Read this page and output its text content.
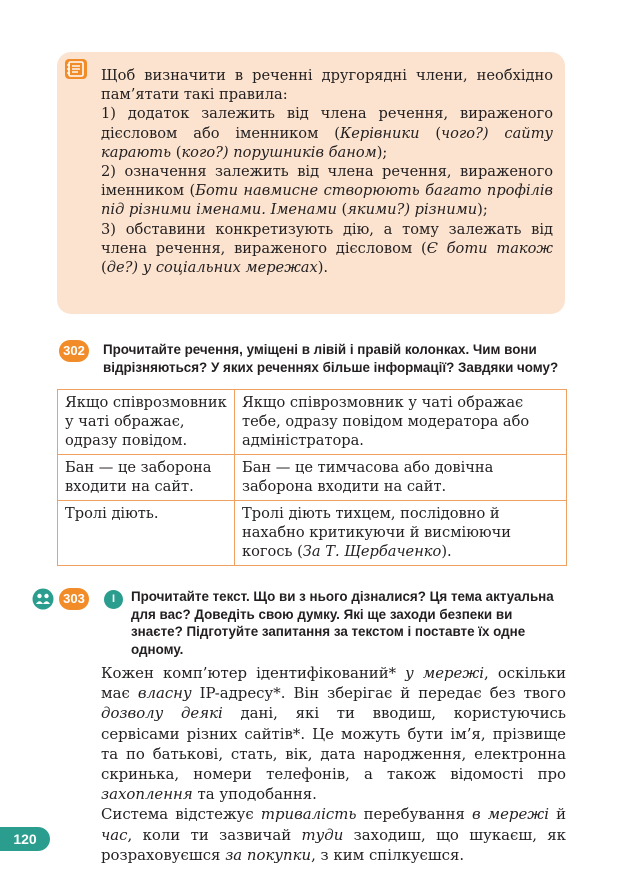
Щоб визначити в реченні другорядні члени, необхідно пам’ятати такі правила:

1) додаток залежить від члена речення, вираженого дієсловом або іменником (Керівники (чого?) сайту карають (кого?) порушників баном);

2) означення залежить від члена речення, вираженого іменником (Боти навмисне створюють багато профілів під різними іменами. Іменами (якими?) різними);

3) обставини конкретизують дію, а тому залежать від члена речення, вираженого дієсловом (Є боти також (де?) у соціальних мережах).

302	Прочитайте речення, уміщені в лівій і правій колонках. Чим вони відрізняються? У яких реченнях більше інформації? Завдяки чому?
Якщо співрозмовник у чаті ображає, одразу повідом.	Якщо співрозмовник у чаті ображає тебе, одразу повідом модератора або адміністратора.
Бан — це заборона входити на сайт.	Бан — це тимчасова або довічна заборона входити на сайт.
Тролі діють.	Тролі діють тихцем, послідовно й нахабно критикуючи й висміюючи когось (За Т. Щербаченко).
303	I	Прочитайте текст. Що ви з нього дізналися? Ця тема актуальна для вас? Доведіть свою думку. Які ще заходи безпеки ви знаєте? Підготуйте запитання за текстом і поставте їх одне одному.

Кожен комп’ютер ідентифікований* у мережі, оскільки має власну IP-адресу*. Він зберігає й передає без твого дозволу деякі дані, які ти вводиш, користуючись сервісами різних сайтів*. Це можуть бути ім’я, прізвище та по батькові, стать, вік, дата народження, електронна скринька, номери телефонів, а також відомості про захоплення та уподобання.

Система відстежує тривалість перебування в мережі й час, коли ти зазвичай туди заходиш, що шукаєш, як розраховуєшся за покупки, з ким спілкуєшся.

120
